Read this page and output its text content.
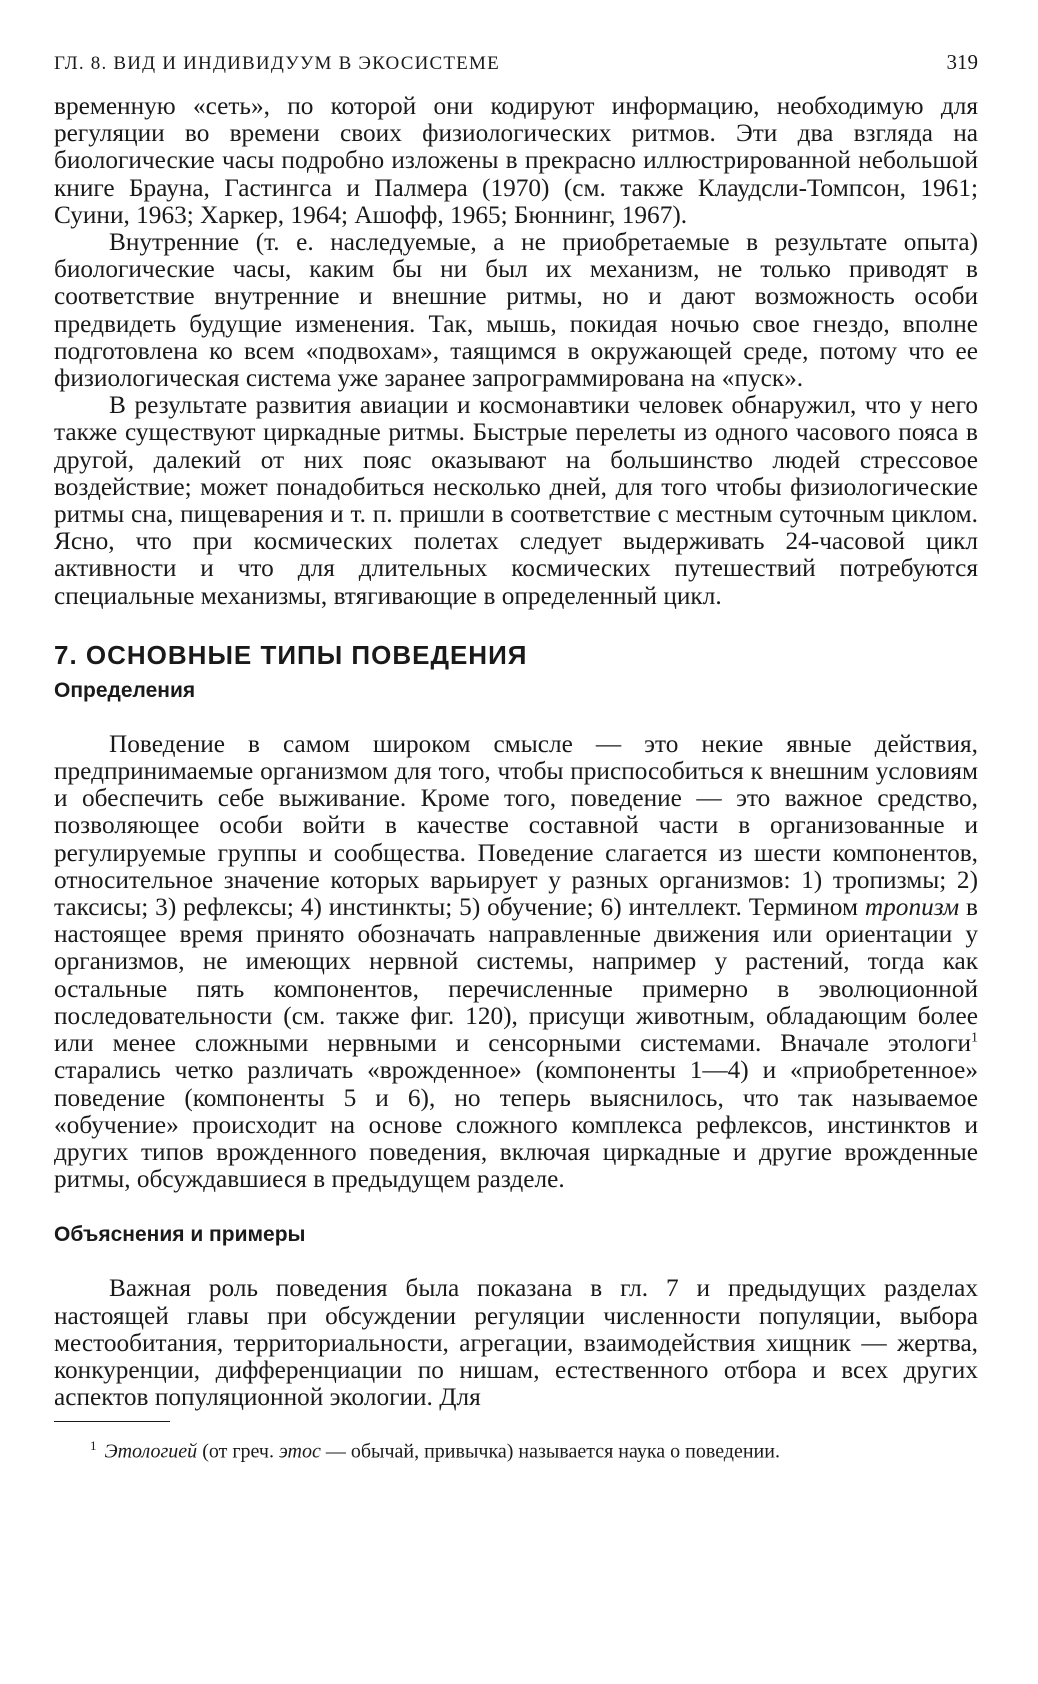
ГЛ. 8. ВИД И ИНДИВИДУУМ В ЭКОСИСТЕМЕ	319

временную «сеть», по которой они кодируют информацию, необходимую для регуляции во времени своих физиологических ритмов. Эти два взгляда на биологические часы подробно изложены в прекрасно иллюстрированной небольшой книге Брауна, Гастингса и Палмера (1970) (см. также Клаудсли-Томпсон, 1961; Суини, 1963; Харкер, 1964; Ашофф, 1965; Бюннинг, 1967).

Внутренние (т. е. наследуемые, а не приобретаемые в результате опыта) биологические часы, каким бы ни был их механизм, не только приводят в соответствие внутренние и внешние ритмы, но и дают возможность особи предвидеть будущие изменения. Так, мышь, покидая ночью свое гнездо, вполне подготовлена ко всем «подвохам», таящимся в окружающей среде, потому что ее физиологическая система уже заранее запрограммирована на «пуск».

В результате развития авиации и космонавтики человек обнаружил, что у него также существуют циркадные ритмы. Быстрые перелеты из одного часового пояса в другой, далекий от них пояс оказывают на большинство людей стрессовое воздействие; может понадобиться несколько дней, для того чтобы физиологические ритмы сна, пищеварения и т. п. пришли в соответствие с местным суточным циклом. Ясно, что при космических полетах следует выдерживать 24-часовой цикл активности и что для длительных космических путешествий потребуются специальные механизмы, втягивающие в определенный цикл.

7. ОСНОВНЫЕ ТИПЫ ПОВЕДЕНИЯ
Определения

Поведение в самом широком смысле — это некие явные действия, предпринимаемые организмом для того, чтобы приспособиться к внешним условиям и обеспечить себе выживание. Кроме того, поведение — это важное средство, позволяющее особи войти в качестве составной части в организованные и регулируемые группы и сообщества. Поведение слагается из шести компонентов, относительное значение которых варьирует у разных организмов: 1) тропизмы; 2) таксисы; 3) рефлексы; 4) инстинкты; 5) обучение; 6) интеллект. Термином тропизм в настоящее время принято обозначать направленные движения или ориентации у организмов, не имеющих нервной системы, например у растений, тогда как остальные пять компонентов, перечисленные примерно в эволюционной последовательности (см. также фиг. 120), присущи животным, обладающим более или менее сложными нервными и сенсорными системами. Вначале этологи$^1$ старались четко различать «врожденное» (компоненты 1—4) и «приобретенное» поведение (компоненты 5 и 6), но теперь выяснилось, что так называемое «обучение» происходит на основе сложного комплекса рефлексов, инстинктов и других типов врожденного поведения, включая циркадные и другие врожденные ритмы, обсуждавшиеся в предыдущем разделе.

Объяснения и примеры

Важная роль поведения была показана в гл. 7 и предыдущих разделах настоящей главы при обсуждении регуляции численности популяции, выбора местообитания, территориальности, агрегации, взаимодействия хищник — жертва, конкуренции, дифференциации по нишам, естественного отбора и всех других аспектов популяционной экологии. Для

$^1$ Этологией (от греч. этос — обычай, привычка) называется наука о поведении.
